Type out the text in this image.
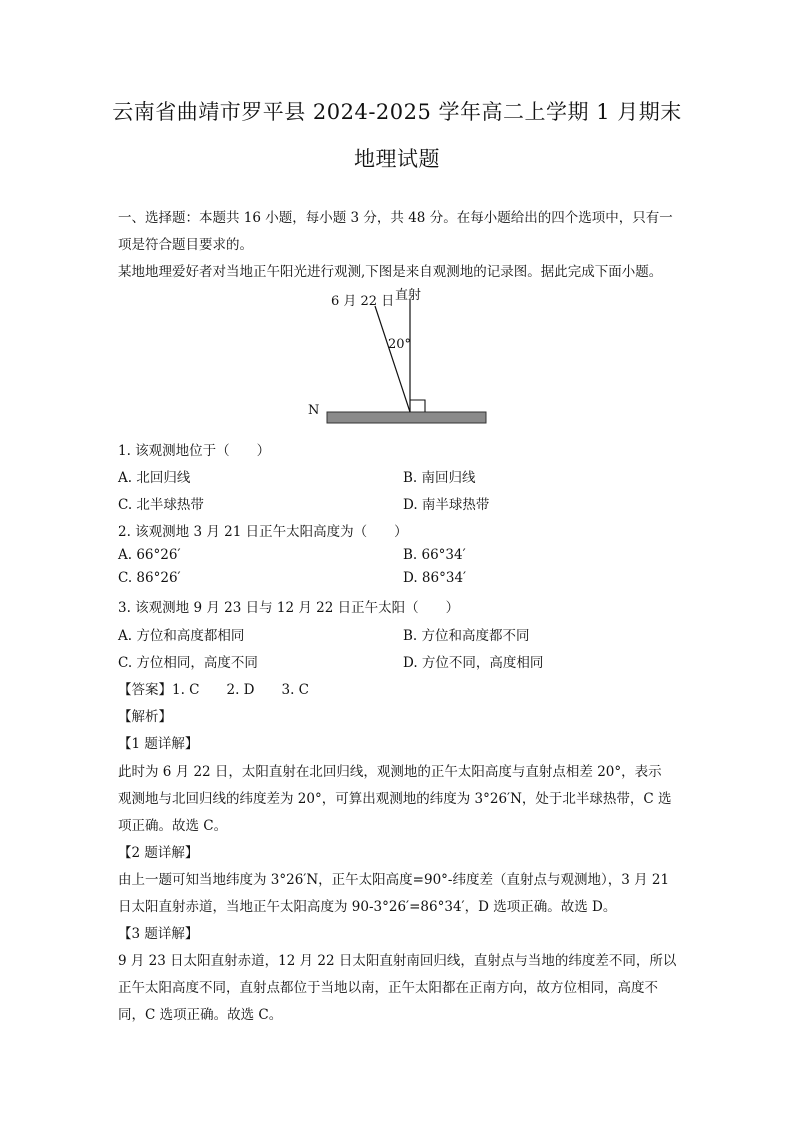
云南省曲靖市罗平县 2024-2025 学年高二上学期 1 月期末
地理试题
一、选择题：本题共 16 小题，每小题 3 分，共 48 分。在每小题给出的四个选项中，只有一
项是符合题目要求的。
某地地理爱好者对当地正午阳光进行观测,下图是来自观测地的记录图。据此完成下面小题。
6 月 22 日 直射
20°
N
1. 该观测地位于（　　）
A. 北回归线	B. 南回归线
C. 北半球热带	D. 南半球热带
2. 该观测地 3 月 21 日正午太阳高度为（　　）
A. 66°26′	B. 66°34′
C. 86°26′	D. 86°34′
3. 该观测地 9 月 23 日与 12 月 22 日正午太阳（　　）
A. 方位和高度都相同	B. 方位和高度都不同
C. 方位相同，高度不同	D. 方位不同，高度相同
【答案】1. C　　2. D　　3. C
【解析】
【1 题详解】
此时为 6 月 22 日，太阳直射在北回归线，观测地的正午太阳高度与直射点相差 20°，表示
观测地与北回归线的纬度差为 20°，可算出观测地的纬度为 3°26′N，处于北半球热带，C 选
项正确。故选 C。
【2 题详解】
由上一题可知当地纬度为 3°26′N，正午太阳高度=90°-纬度差（直射点与观测地），3 月 21
日太阳直射赤道，当地正午太阳高度为 90-3°26′=86°34′，D 选项正确。故选 D。
【3 题详解】
9 月 23 日太阳直射赤道，12 月 22 日太阳直射南回归线，直射点与当地的纬度差不同，所以
正午太阳高度不同，直射点都位于当地以南，正午太阳都在正南方向，故方位相同，高度不
同，C 选项正确。故选 C。
